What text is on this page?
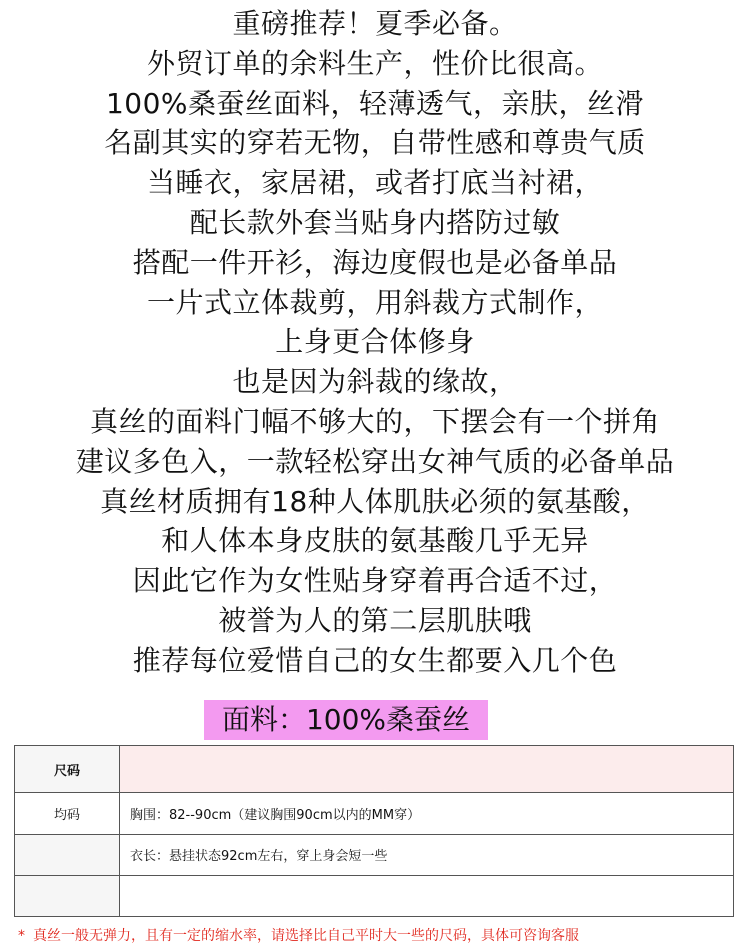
重磅推荐！夏季必备。
外贸订单的余料生产，性价比很高。
100%桑蚕丝面料，轻薄透气，亲肤，丝滑
名副其实的穿若无物，自带性感和尊贵气质
当睡衣，家居裙，或者打底当衬裙，
配长款外套当贴身内搭防过敏
搭配一件开衫，海边度假也是必备单品
一片式立体裁剪，用斜裁方式制作，
上身更合体修身
也是因为斜裁的缘故，
真丝的面料门幅不够大的，下摆会有一个拼角
建议多色入，一款轻松穿出女神气质的必备单品
真丝材质拥有18种人体肌肤必须的氨基酸，
和人体本身皮肤的氨基酸几乎无异
因此它作为女性贴身穿着再合适不过，
被誉为人的第二层肌肤哦
推荐每位爱惜自己的女生都要入几个色
面料：100%桑蚕丝
尺码	
均码	胸围：82--90cm（建议胸围90cm以内的MM穿）
	衣长：悬挂状态92cm左右，穿上身会短一些

* 真丝一般无弹力，且有一定的缩水率，请选择比自己平时大一些的尺码，具体可咨询客服
